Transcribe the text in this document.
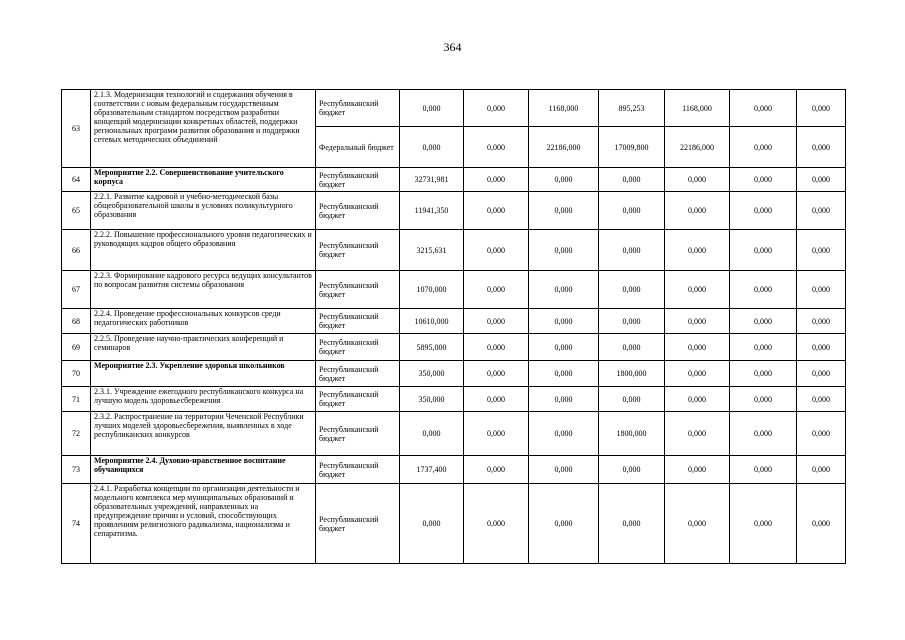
364
63	2.1.3. Модернизация технологий и содержания обучения в соответствии с новым федеральным государственным образовательным стандартом посредством разработки концепций модернизации конкретных областей, поддержки региональных программ развития образования и поддержки сетевых методических объединений	Республиканский бюджет	0,000	0,000	1168,000	895,253	1168,000	0,000	0,000
		Федеральный бюджет	0,000	0,000	22186,000	17009,800	22186,000	0,000	0,000
64	Мероприятие 2.2. Совершенствование учительского корпуса	Республиканский бюджет	32731,981	0,000	0,000	0,000	0,000	0,000	0,000
65	2.2.1. Развитие кадровой и учебно-методической базы общеобразовательной школы в условиях поликультурного образования	Республиканский бюджет	11941,350	0,000	0,000	0,000	0,000	0,000	0,000
66	2.2.2. Повышение профессионального уровня педагогических и руководящих кадров общего образования	Республиканский бюджет	3215,631	0,000	0,000	0,000	0,000	0,000	0,000
67	2.2.3. Формирование кадрового ресурса ведущих консультантов по вопросам развития системы образования	Республиканский бюджет	1070,000	0,000	0,000	0,000	0,000	0,000	0,000
68	2.2.4. Проведение профессиональных конкурсов среди педагогических работников	Республиканский бюджет	10610,000	0,000	0,000	0,000	0,000	0,000	0,000
69	2.2.5. Проведение научно-практических конференций и семинаров	Республиканский бюджет	5895,000	0,000	0,000	0,000	0,000	0,000	0,000
70	Мероприятие 2.3. Укрепление здоровья школьников	Республиканский бюджет	350,000	0,000	0,000	1800,000	0,000	0,000	0,000
71	2.3.1. Учреждение ежегодного республиканского конкурса на лучшую модель здоровьесбережения	Республиканский бюджет	350,000	0,000	0,000	0,000	0,000	0,000	0,000
72	2.3.2. Распространение на территории Чеченской Республики лучших моделей здоровьесбережения, выявленных в ходе республиканских конкурсов	Республиканский бюджет	0,000	0,000	0,000	1800,000	0,000	0,000	0,000
73	Мероприятие 2.4. Духовно-нравственное воспитание обучающихся	Республиканский бюджет	1737,400	0,000	0,000	0,000	0,000	0,000	0,000
74	2.4.1. Разработка концепции по организации деятельности и модельного комплекса мер муниципальных образований и образовательных учреждений, направленных на предупреждение причин и условий, способствующих проявлениям религиозного радикализма, национализма и сепаратизма.	Республиканский бюджет	0,000	0,000	0,000	0,000	0,000	0,000	0,000
